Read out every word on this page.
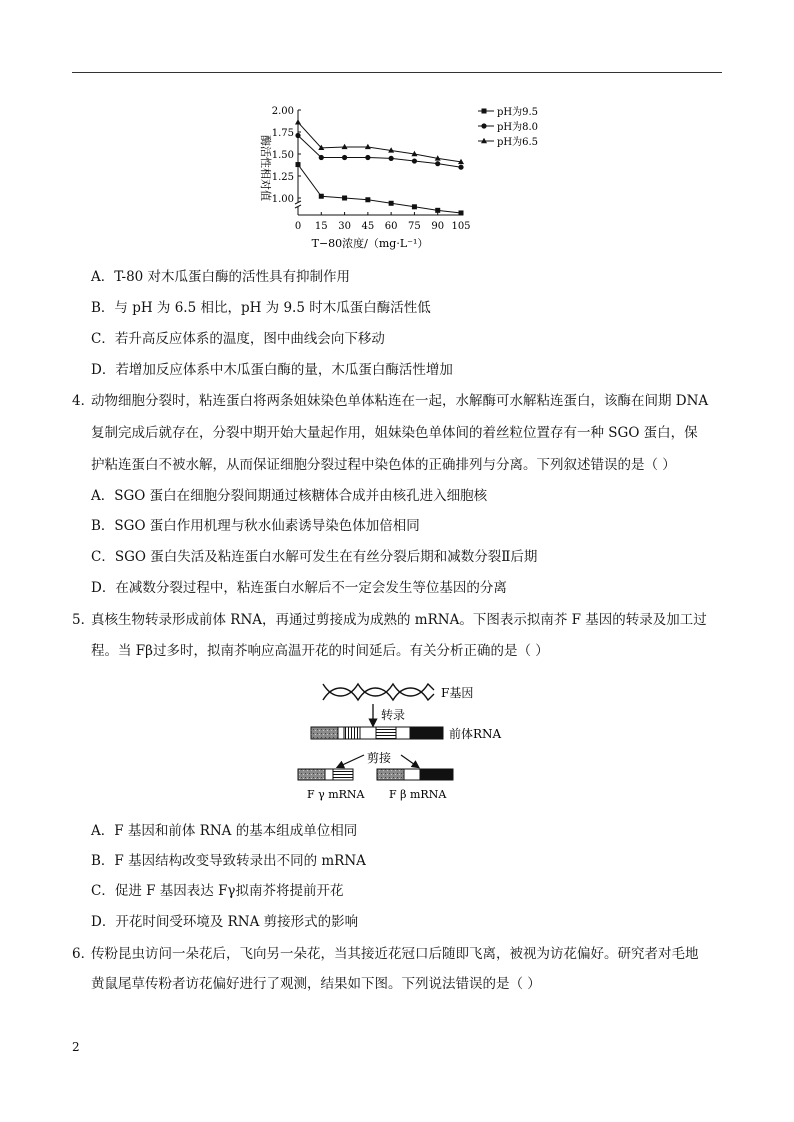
2.00
1.75
1.50
1.25
1.00
0 15 30 45 60 75 90 105
pH为9.5
pH为8.0
pH为6.5
酶活性相对值
T−80浓度/（mg·L⁻¹）
A．T-80 对木瓜蛋白酶的活性具有抑制作用
B．与 pH 为 6.5 相比，pH 为 9.5 时木瓜蛋白酶活性低
C．若升高反应体系的温度，图中曲线会向下移动
D．若增加反应体系中木瓜蛋白酶的量，木瓜蛋白酶活性增加
4．
动物细胞分裂时，粘连蛋白将两条姐妹染色单体粘连在一起，水解酶可水解粘连蛋白，该酶在间期 DNA
复制完成后就存在，分裂中期开始大量起作用，姐妹染色单体间的着丝粒位置存有一种 SGO 蛋白，保
护粘连蛋白不被水解，从而保证细胞分裂过程中染色体的正确排列与分离。下列叙述错误的是（ ）
A．SGO 蛋白在细胞分裂间期通过核糖体合成并由核孔进入细胞核
B．SGO 蛋白作用机理与秋水仙素诱导染色体加倍相同
C．SGO 蛋白失活及粘连蛋白水解可发生在有丝分裂后期和减数分裂Ⅱ后期
D．在减数分裂过程中，粘连蛋白水解后不一定会发生等位基因的分离
5．
真核生物转录形成前体 RNA，再通过剪接成为成熟的 mRNA。下图表示拟南芥 F 基因的转录及加工过
程。当 Fβ过多时，拟南芥响应高温开花的时间延后。有关分析正确的是（ ）
F基因
转录
前体RNA
剪接
F γ mRNA F β mRNA
A．F 基因和前体 RNA 的基本组成单位相同
B．F 基因结构改变导致转录出不同的 mRNA
C．促进 F 基因表达 Fγ拟南芥将提前开花
D．开花时间受环境及 RNA 剪接形式的影响
6．
传粉昆虫访问一朵花后，飞向另一朵花，当其接近花冠口后随即飞离，被视为访花偏好。研究者对毛地
黄鼠尾草传粉者访花偏好进行了观测，结果如下图。下列说法错误的是（ ）
2
